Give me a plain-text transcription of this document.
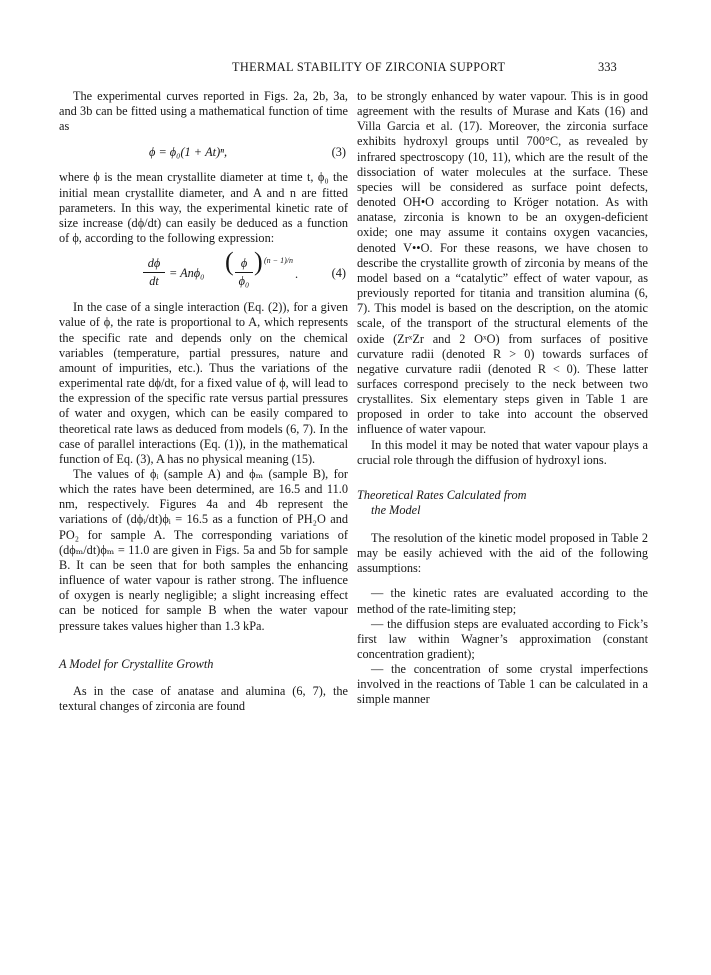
THERMAL STABILITY OF ZIRCONIA SUPPORT	333

The experimental curves reported in Figs. 2a, 2b, 3a, and 3b can be fitted using a mathematical function of time as

ϕ = ϕ₀(1 + At)ⁿ,	(3)

where ϕ is the mean crystallite diameter at time t, ϕ₀ the initial mean crystallite diameter, and A and n are fitted parameters. In this way, the experimental kinetic rate of size increase (dϕ/dt) can easily be deduced as a function of ϕ, according to the following expression:

dϕ
dt
= Anϕ₀ ( ϕ
ϕ₀
) (n − 1)/n
.	(4)

In the case of a single interaction (Eq. (2)), for a given value of ϕ, the rate is proportional to A, which represents the specific rate and depends only on the chemical variables (temperature, partial pressures, nature and amount of impurities, etc.). Thus the variations of the experimental rate dϕ/dt, for a fixed value of ϕ, will lead to the expression of the specific rate versus partial pressures of water and oxygen, which can be easily compared to theoretical rate laws as deduced from models (6, 7). In the case of parallel interactions (Eq. (1)), in the mathematical function of Eq. (3), A has no physical meaning (15).

The values of ϕᵢ (sample A) and ϕₘ (sample B), for which the rates have been determined, are 16.5 and 11.0 nm, respectively. Figures 4a and 4b represent the variations of (dϕᵢ/dt)ϕᵢ = 16.5 as a function of PH₂O and PO₂ for sample A. The corresponding variations of (dϕₘ/dt)ϕₘ = 11.0 are given in Figs. 5a and 5b for sample B. It can be seen that for both samples the enhancing influence of water vapour is rather strong. The influence of oxygen is nearly negligible; a slight increasing effect can be noticed for sample B when the water vapour pressure takes values higher than 1.3 kPa.

A Model for Crystallite Growth

As in the case of anatase and alumina (6, 7), the textural changes of zirconia are found

to be strongly enhanced by water vapour. This is in good agreement with the results of Murase and Kats (16) and Villa Garcia et al. (17). Moreover, the zirconia surface exhibits hydroxyl groups until 700°C, as revealed by infrared spectroscopy (10, 11), which are the result of the dissociation of water molecules at the surface. These species will be considered as surface point defects, denoted OH•O according to Kröger notation. As with anatase, zirconia is known to be an oxygen-deficient oxide; one may assume it contains oxygen vacancies, denoted V••O. For these reasons, we have chosen to describe the crystallite growth of zirconia by means of the model based on a “catalytic” effect of water vapour, as previously reported for titania and transition alumina (6, 7). This model is based on the description, on the atomic scale, of the transport of the structural elements of the oxide (ZrˣZr and 2 OˣO) from surfaces of positive curvature radii (denoted R > 0) towards surfaces of negative curvature radii (denoted R < 0). These latter surfaces correspond precisely to the neck between two crystallites. Six elementary steps given in Table 1 are proposed in order to take into account the observed influence of water vapour.

In this model it may be noted that water vapour plays a crucial role through the diffusion of hydroxyl ions.

Theoretical Rates Calculated from
the Model

The resolution of the kinetic model proposed in Table 2 may be easily achieved with the aid of the following assumptions:

— the kinetic rates are evaluated according to the method of the rate-limiting step;

— the diffusion steps are evaluated according to Fick’s first law within Wagner’s approximation (constant concentration gradient);

— the concentration of some crystal imperfections involved in the reactions of Table 1 can be calculated in a simple manner
